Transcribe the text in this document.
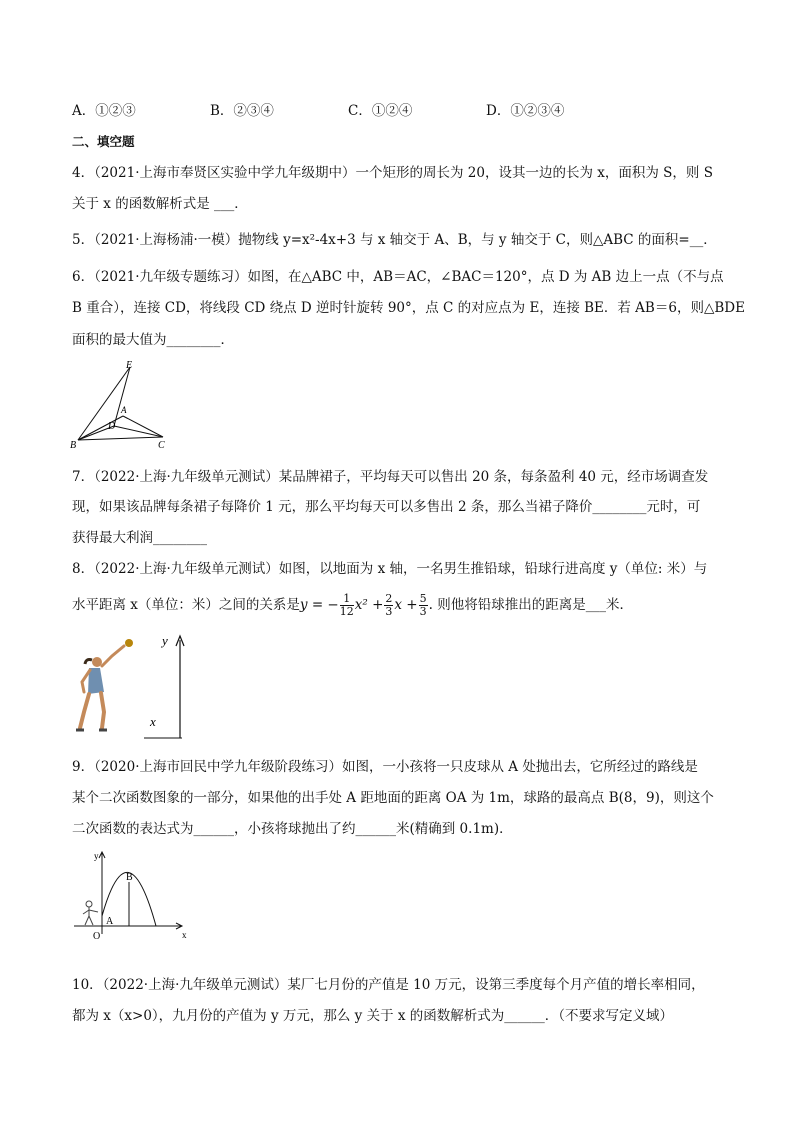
A．①②③	B．②③④	C．①②④	D．①②③④
二、填空题
4．（2021·上海市奉贤区实验中学九年级期中）一个矩形的周长为 20，设其一边的长为 x，面积为 S，则 S
关于 x 的函数解析式是 ___．
5．（2021·上海杨浦·一模）抛物线 y=x²-4x+3 与 x 轴交于 A、B，与 y 轴交于 C，则△ABC 的面积=__．
6．（2021·九年级专题练习）如图，在△ABC 中，AB＝AC，∠BAC＝120°，点 D 为 AB 边上一点（不与点
B 重合），连接 CD，将线段 CD 绕点 D 逆时针旋转 90°，点 C 的对应点为 E，连接 BE．若 AB＝6，则△BDE
面积的最大值为________．
E
A
D
B	C
7．（2022·上海·九年级单元测试）某品牌裙子，平均每天可以售出 20 条，每条盈利 40 元，经市场调查发
现，如果该品牌每条裙子每降价 1 元，那么平均每天可以多售出 2 条，那么当裙子降价________元时，可
获得最大利润________
8．（2022·上海·九年级单元测试）如图，以地面为 x 轴，一名男生推铅球，铅球行进高度 y（单位: 米）与
水平距离 x（单位：米）之间的关系是y = − $\frac{1}{12} x^2 + \frac{2}{3}$ $x + \frac{5}{3}$ . 则他将铅球推出的距离是___米．
y
x
9．（2020·上海市回民中学九年级阶段练习）如图，一小孩将一只皮球从 A 处抛出去，它所经过的路线是
某个二次函数图象的一部分，如果他的出手处 A 距地面的距离 OA 为 1m，球路的最高点 B(8，9)，则这个
二次函数的表达式为______，小孩将球抛出了约______米(精确到 0.1m)．
y
x
B
A
O
10．（2022·上海·九年级单元测试）某厂七月份的产值是 10 万元，设第三季度每个月产值的增长率相同，
都为 x（x>0），九月份的产值为 y 万元，那么 y 关于 x 的函数解析式为______．（不要求写定义域）
